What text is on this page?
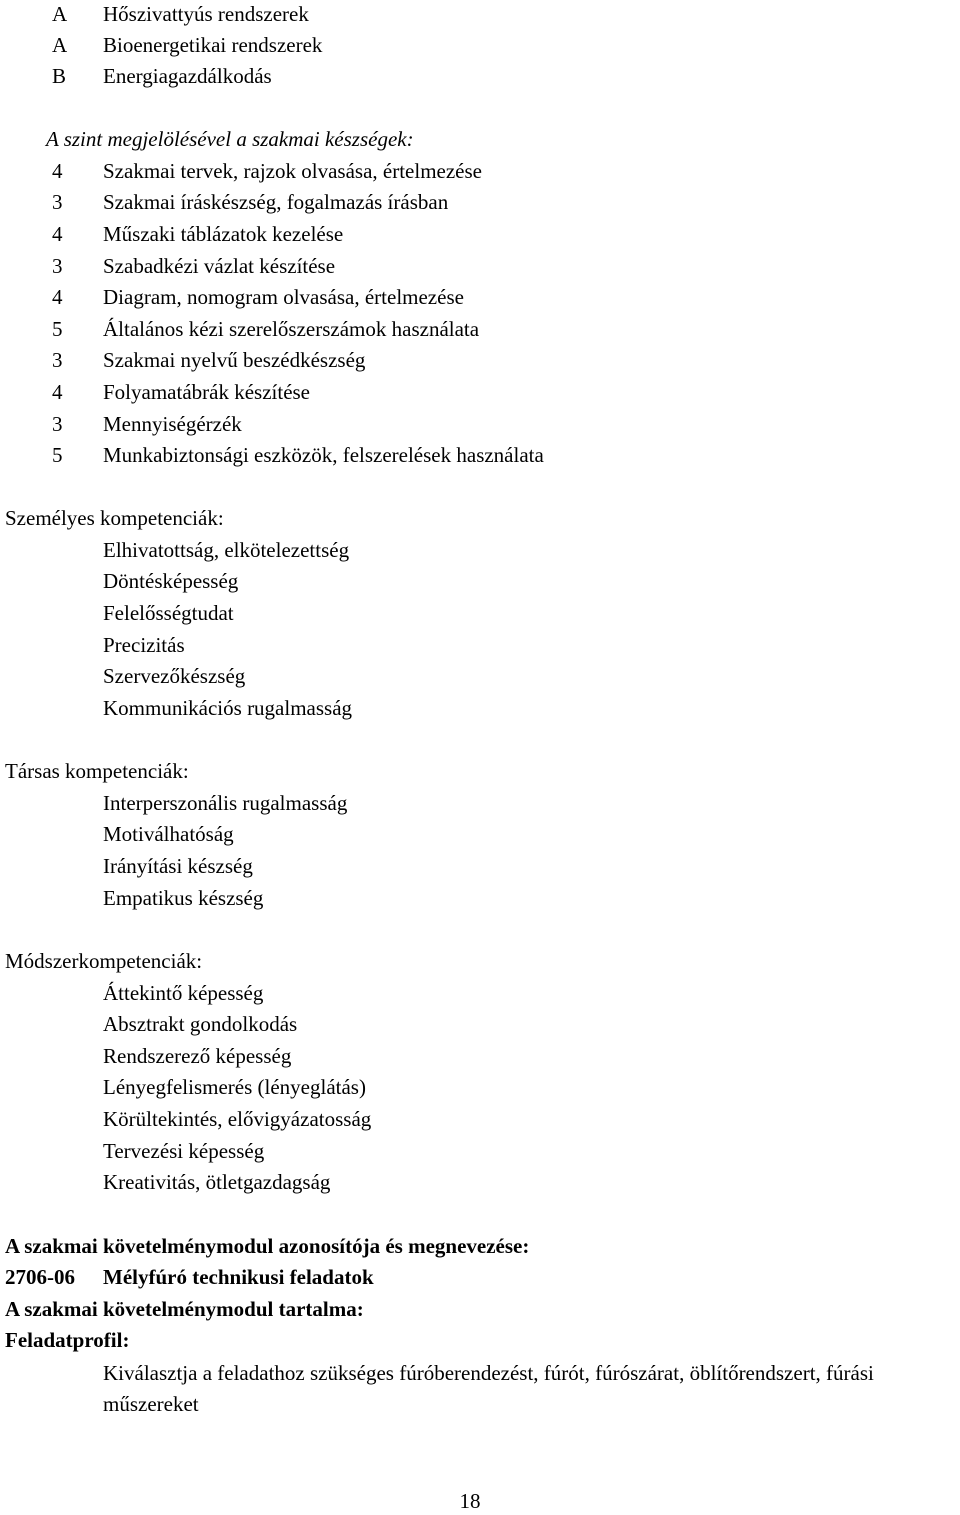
A	Hőszivattyús rendszerek
A	Bioenergetikai rendszerek
B	Energiagazdálkodás
A szint megjelölésével a szakmai készségek:
4	Szakmai tervek, rajzok olvasása, értelmezése
3	Szakmai íráskészség, fogalmazás írásban
4	Műszaki táblázatok kezelése
3	Szabadkézi vázlat készítése
4	Diagram, nomogram olvasása, értelmezése
5	Általános kézi szerelőszerszámok használata
3	Szakmai nyelvű beszédkészség
4	Folyamatábrák készítése
3	Mennyiségérzék
5	Munkabiztonsági eszközök, felszerelések használata
Személyes kompetenciák:
Elhivatottság, elkötelezettség
Döntésképesség
Felelősségtudat
Precizitás
Szervezőkészség
Kommunikációs rugalmasság
Társas kompetenciák:
Interperszonális rugalmasság
Motiválhatóság
Irányítási készség
Empatikus készség
Módszerkompetenciák:
Áttekintő képesség
Absztrakt gondolkodás
Rendszerező képesség
Lényegfelismerés (lényeglátás)
Körültekintés, elővigyázatosság
Tervezési képesség
Kreativitás, ötletgazdagság
A szakmai követelménymodul azonosítója és megnevezése:
2706-06 Mélyfúró technikusi feladatok
A szakmai követelménymodul tartalma:
Feladatprofil:
Kiválasztja a feladathoz szükséges fúróberendezést, fúrót, fúrószárat, öblítőrendszert, fúrási műszereket
18
